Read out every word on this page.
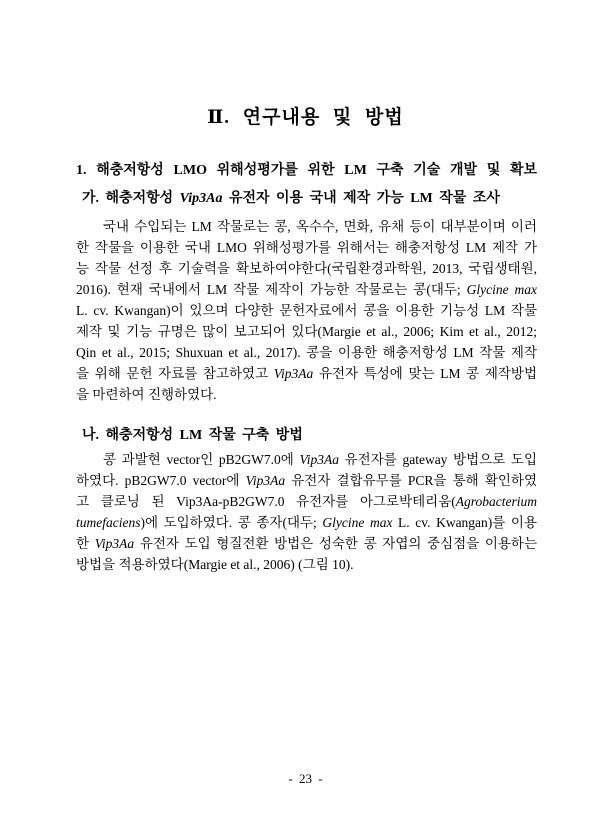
Ⅱ. 연구내용 및 방법
1. 해충저항성 LMO 위해성평가를 위한 LM 구축 기술 개발 및 확보
가. 해충저항성 Vip3Aa 유전자 이용 국내 제작 가능 LM 작물 조사
국내 수입되는 LM 작물로는 콩, 옥수수, 면화, 유채 등이 대부분이며 이러
한 작물을 이용한 국내 LMO 위해성평가를 위해서는 해충저항성 LM 제작 가
능 작물 선정 후 기술력을 확보하여야한다(국립환경과학원, 2013, 국립생태원,
2016). 현재 국내에서 LM 작물 제작이 가능한 작물로는 콩(대두; Glycine max
L. cv. Kwangan)이 있으며 다양한 문헌자료에서 콩을 이용한 기능성 LM 작물
제작 및 기능 규명은 많이 보고되어 있다(Margie et al., 2006; Kim et al., 2012;
Qin et al., 2015; Shuxuan et al., 2017). 콩을 이용한 해충저항성 LM 작물 제작
을 위해 문헌 자료를 참고하였고 Vip3Aa 유전자 특성에 맞는 LM 콩 제작방법
을 마련하여 진행하였다.
나. 해충저항성 LM 작물 구축 방법
콩 과발현 vector인 pB2GW7.0에 Vip3Aa 유전자를 gateway 방법으로 도입
하였다. pB2GW7.0 vector에 Vip3Aa 유전자 결합유무를 PCR을 통해 확인하였
고 클로닝 된 Vip3Aa-pB2GW7.0 유전자를 아그로박테리움(Agrobacterium
tumefaciens)에 도입하였다. 콩 종자(대두; Glycine max L. cv. Kwangan)를 이용
한 Vip3Aa 유전자 도입 형질전환 방법은 성숙한 콩 자엽의 중심점을 이용하는
방법을 적용하였다(Margie et al., 2006) (그림 10).
- 23 -
